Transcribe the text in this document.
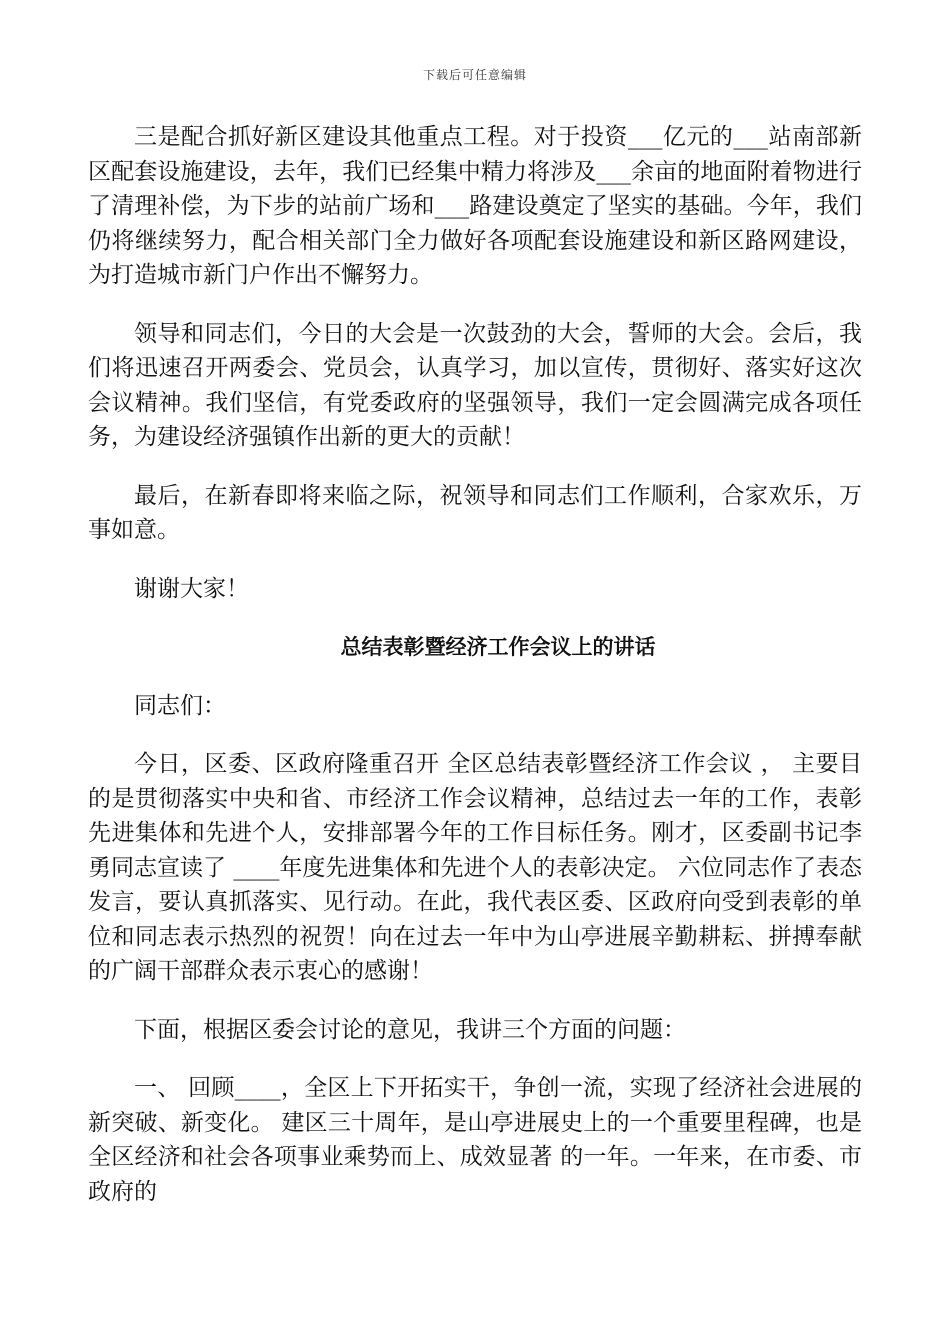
下载后可任意编辑

三是配合抓好新区建设其他重点工程。对于投资___亿元的___站南部新区配套设施建设，去年，我们已经集中精力将涉及___余亩的地面附着物进行了清理补偿，为下步的站前广场和___路建设奠定了坚实的基础。今年，我们仍将继续努力，配合相关部门全力做好各项配套设施建设和新区路网建设，为打造城市新门户作出不懈努力。

领导和同志们，今日的大会是一次鼓劲的大会，誓师的大会。会后，我们将迅速召开两委会、党员会，认真学习，加以宣传，贯彻好、落实好这次会议精神。我们坚信，有党委政府的坚强领导，我们一定会圆满完成各项任务，为建设经济强镇作出新的更大的贡献！

最后，在新春即将来临之际，祝领导和同志们工作顺利，合家欢乐，万事如意。

谢谢大家！

总结表彰暨经济工作会议上的讲话

同志们：

今日，区委、区政府隆重召开 全区总结表彰暨经济工作会议 ， 主要目的是贯彻落实中央和省、市经济工作会议精神，总结过去一年的工作，表彰先进集体和先进个人，安排部署今年的工作目标任务。刚才，区委副书记李勇同志宣读了 ____年度先进集体和先进个人的表彰决定。 六位同志作了表态发言，要认真抓落实、见行动。在此，我代表区委、区政府向受到表彰的单位和同志表示热烈的祝贺！向在过去一年中为山亭进展辛勤耕耘、拼搏奉献的广阔干部群众表示衷心的感谢！

下面，根据区委会讨论的意见，我讲三个方面的问题：

一、 回顾____，全区上下开拓实干，争创一流，实现了经济社会进展的新突破、新变化。 建区三十周年，是山亭进展史上的一个重要里程碑，也是全区经济和社会各项事业乘势而上、成效显著 的一年。一年来，在市委、市政府的
